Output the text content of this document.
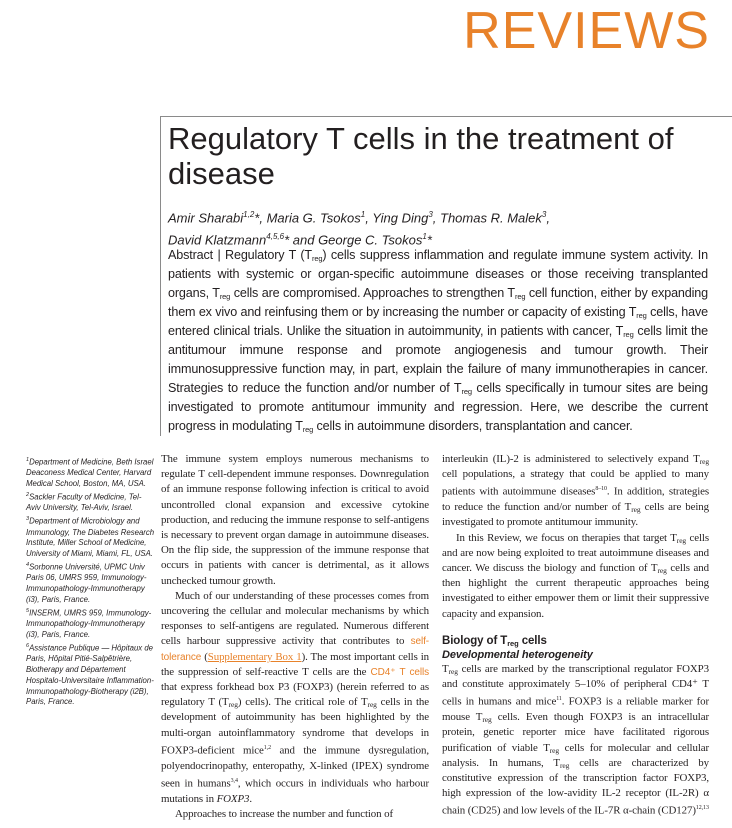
REVIEWS
Regulatory T cells in the treatment of disease
Amir Sharabi$^{1,2}$*, Maria G. Tsokos$^1$, Ying Ding$^3$, Thomas R. Malek$^3$,
David Klatzmann$^{4,5,6}$* and George C. Tsokos$^1$*
Abstract | Regulatory T $(T_{reg})$ cells suppress inflammation and regulate immune system activity. In patients with systemic or organ-specific autoimmune diseases or those receiving transplanted organs, $T_{reg}$ cells are compromised. Approaches to strengthen $T_{reg}$ cell function, either by expanding them ex vivo and reinfusing them or by increasing the number or capacity of existing $T_{reg}$ cells, have entered clinical trials. Unlike the situation in autoimmunity, in patients with cancer, $T_{reg}$ cells limit the antitumour immune response and promote angiogenesis and tumour growth. Their immunosuppressive function may, in part, explain the failure of many immunotherapies in cancer. Strategies to reduce the function and/or number of $T_{reg}$ cells specifically in tumour sites are being investigated to promote antitumour immunity and regression. Here, we describe the current progress in modulating $T_{reg}$ cells in autoimmune disorders, transplantation and cancer.

$^1$Department of Medicine, Beth Israel Deaconess Medical Center, Harvard Medical School, Boston, MA, USA.

$^2$Sackler Faculty of Medicine, Tel-Aviv University, Tel-Aviv, Israel.

$^3$Department of Microbiology and Immunology, The Diabetes Research Institute, Miller School of Medicine, University of Miami, Miami, FL, USA.

$^4$Sorbonne Université, UPMC Univ Paris 06, UMRS 959, Immunology-Immunopathology-Immunotherapy (i3), Paris, France.

$^5$INSERM, UMRS 959, Immunology-Immunopathology-Immunotherapy (i3), Paris, France.

$^6$Assistance Publique — Hôpitaux de Paris, Hôpital Pitié-Salpêtrière, Biotherapy and Département Hospitalo-Universitaire Inflammation-Immunopathology-Biotherapy (i2B), Paris, France.

The immune system employs numerous mechanisms to regulate T cell-dependent immune responses. Downregulation of an immune response following infection is critical to avoid uncontrolled clonal expansion and excessive cytokine production, and reducing the immune response to self-antigens is necessary to prevent organ damage in autoimmune diseases. On the flip side, the suppression of the immune response that occurs in patients with cancer is detrimental, as it allows unchecked tumour growth.

Much of our understanding of these processes comes from uncovering the cellular and molecular mechanisms by which responses to self-antigens are regulated. Numerous different cells harbour suppressive activity that contributes to self-tolerance (Supplementary Box 1). The most important cells in the suppression of self-reactive T cells are the CD4⁺ T cells that express forkhead box P3 (FOXP3) (herein referred to as regulatory T $(T_{reg})$ cells). The critical role of $T_{reg}$ cells in the development of autoimmunity has been highlighted by the multi-organ autoinflammatory syndrome that develops in FOXP3-deficient mice$^{1,2}$ and the immune dysregulation, polyendocrinopathy, enteropathy, X-linked (IPEX) syndrome seen in humans$^{3,4}$, which occurs in individuals who harbour mutations in FOXP3.

Approaches to increase the number and function of

interleukin (IL)-2 is administered to selectively expand $T_{reg}$ cell populations, a strategy that could be applied to many patients with autoimmune diseases$^{8-10}$. In addition, strategies to reduce the function and/or number of $T_{reg}$ cells are being investigated to promote antitumour immunity.

In this Review, we focus on therapies that target $T_{reg}$ cells and are now being exploited to treat autoimmune diseases and cancer. We discuss the biology and function of $T_{reg}$ cells and then highlight the current therapeutic approaches being investigated to either empower them or limit their suppressive capacity and expansion.

Biology of $T_{reg}$ cells

Developmental heterogeneity

$T_{reg}$ cells are marked by the transcriptional regulator FOXP3 and constitute approximately 5–10% of peripheral CD4⁺ T cells in humans and mice$^{11}$. FOXP3 is a reliable marker for mouse $T_{reg}$ cells. Even though FOXP3 is an intracellular protein, genetic reporter mice have facilitated rigorous purification of viable $T_{reg}$ cells for molecular and cellular analysis. In humans, $T_{reg}$ cells are characterized by constitutive expression of the transcription factor FOXP3, high expression of the low-avidity IL-2 receptor (IL-2R) α chain (CD25) and low levels of the IL-7R α-chain $(CD127)^{12,13}$
